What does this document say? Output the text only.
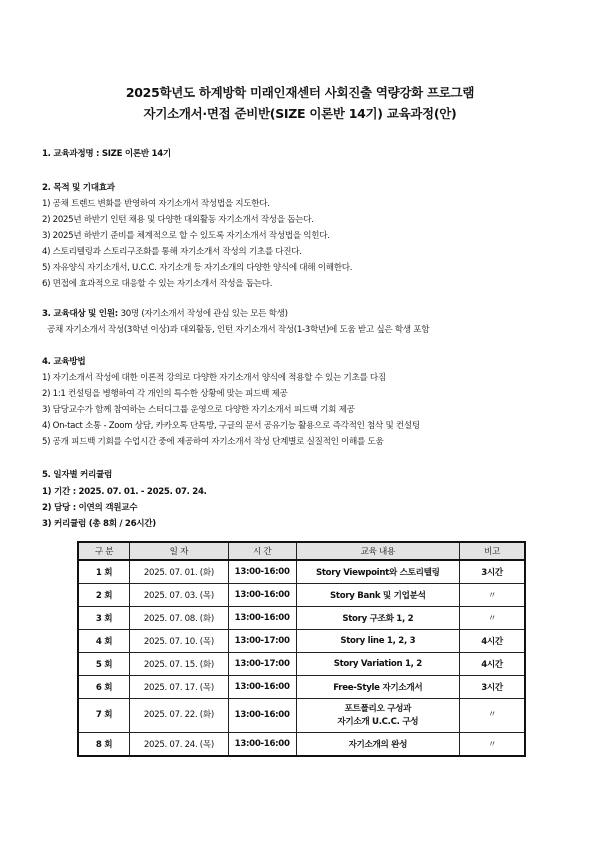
2025학년도 하계방학 미래인재센터 사회진출 역량강화 프로그램
자기소개서·면접 준비반(SIZE 이론반 14기) 교육과정(안)
1. 교육과정명 : SIZE 이론반 14기
2. 목적 및 기대효과
1) 공채 트렌드 변화를 반영하여 자기소개서 작성법을 지도한다.
2) 2025년 하반기 인턴 채용 및 다양한 대외활동 자기소개서 작성을 돕는다.
3) 2025년 하반기 준비를 체계적으로 할 수 있도록 자기소개서 작성법을 익힌다.
4) 스토리텔링과 스토리구조화를 통해 자기소개서 작성의 기초를 다진다.
5) 자유양식 자기소개서, U.C.C. 자기소개 등 자기소개의 다양한 양식에 대해 이해한다.
6) 면접에 효과적으로 대응할 수 있는 자기소개서 작성을 돕는다.
3. 교육대상 및 인원: 30명 (자기소개서 작성에 관심 있는 모든 학생)
공채 자기소개서 작성(3학년 이상)과 대외활동, 인턴 자기소개서 작성(1-3학년)에 도움 받고 싶은 학생 포함
4. 교육방법
1) 자기소개서 작성에 대한 이론적 강의로 다양한 자기소개서 양식에 적용할 수 있는 기초를 다짐
2) 1:1 컨설팅을 병행하여 각 개인의 특수한 상황에 맞는 피드백 제공
3) 담당교수가 함께 참여하는 스터디그룹 운영으로 다양한 자기소개서 피드백 기회 제공
4) On-tact 소통 - Zoom 상담, 카카오톡 단톡방, 구글의 문서 공유기능 활용으로 즉각적인 첨삭 및 컨설팅
5) 공개 피드백 기회를 수업시간 중에 제공하여 자기소개서 작성 단계별로 실질적인 이해를 도움
5. 일자별 커리큘럼
1) 기간 : 2025. 07. 01. - 2025. 07. 24.
2) 담당 : 이연의 객원교수
3) 커리큘럼 (총 8회 / 26시간)
구 분	일 자	시 간	교육 내용	비고
1 회	2025. 07. 01. (화)	13:00-16:00	Story Viewpoint와 스토리텔링	3시간
2 회	2025. 07. 03. (목)	13:00-16:00	Story Bank 및 기업분석	〃
3 회	2025. 07. 08. (화)	13:00-16:00	Story 구조화 1, 2	〃
4 회	2025. 07. 10. (목)	13:00-17:00	Story line 1, 2, 3	4시간
5 회	2025. 07. 15. (화)	13:00-17:00	Story Variation 1, 2	4시간
6 회	2025. 07. 17. (목)	13:00-16:00	Free-Style 자기소개서	3시간
7 회	2025. 07. 22. (화)	13:00-16:00	포트폴리오 구성과
자기소개 U.C.C. 구성	〃
8 회	2025. 07. 24. (목)	13:00-16:00	자기소개의 완성	〃
